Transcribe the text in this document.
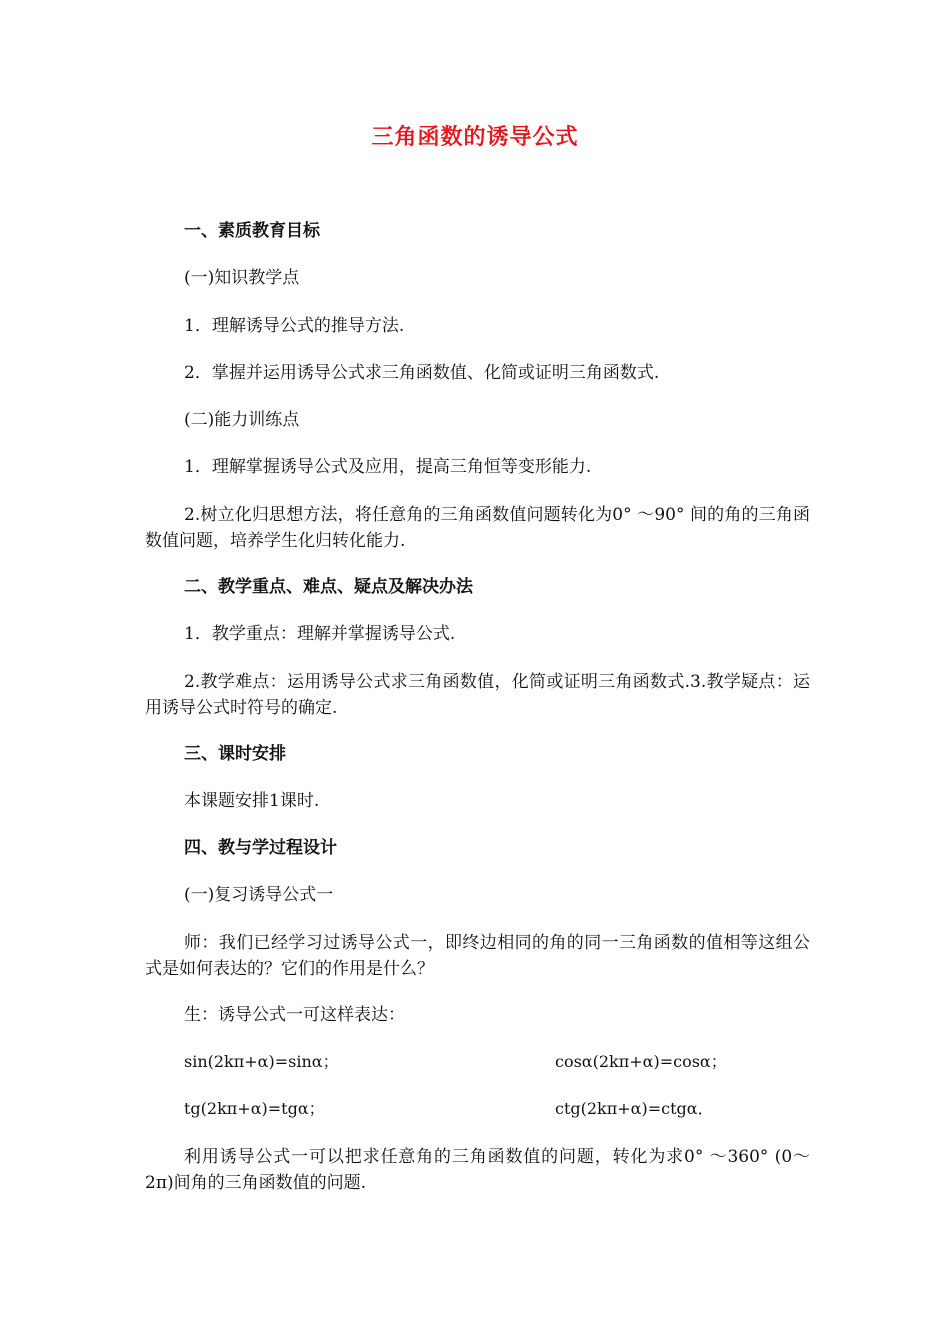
三角函数的诱导公式
一、素质教育目标
(一)知识教学点
1．理解诱导公式的推导方法.
2．掌握并运用诱导公式求三角函数值、化简或证明三角函数式.
(二)能力训练点
1．理解掌握诱导公式及应用，提高三角恒等变形能力.
2.树立化归思想方法，将任意角的三角函数值问题转化为0° ～90° 间的角的三角函数值问题，培养学生化归转化能力.
二、教学重点、难点、疑点及解决办法
1．教学重点：理解并掌握诱导公式.
2.教学难点：运用诱导公式求三角函数值，化简或证明三角函数式.3.教学疑点：运用诱导公式时符号的确定.
三、课时安排
本课题安排1课时.
四、教与学过程设计
(一)复习诱导公式一
师：我们已经学习过诱导公式一，即终边相同的角的同一三角函数的值相等这组公式是如何表达的？它们的作用是什么？
生：诱导公式一可这样表达：
sin(2kπ+α)=sinα；	cosα(2kπ+α)=cosα；
tg(2kπ+α)=tgα；	ctg(2kπ+α)=ctgα．
利用诱导公式一可以把求任意角的三角函数值的问题，转化为求0° ～360° (0～2π)间角的三角函数值的问题.
